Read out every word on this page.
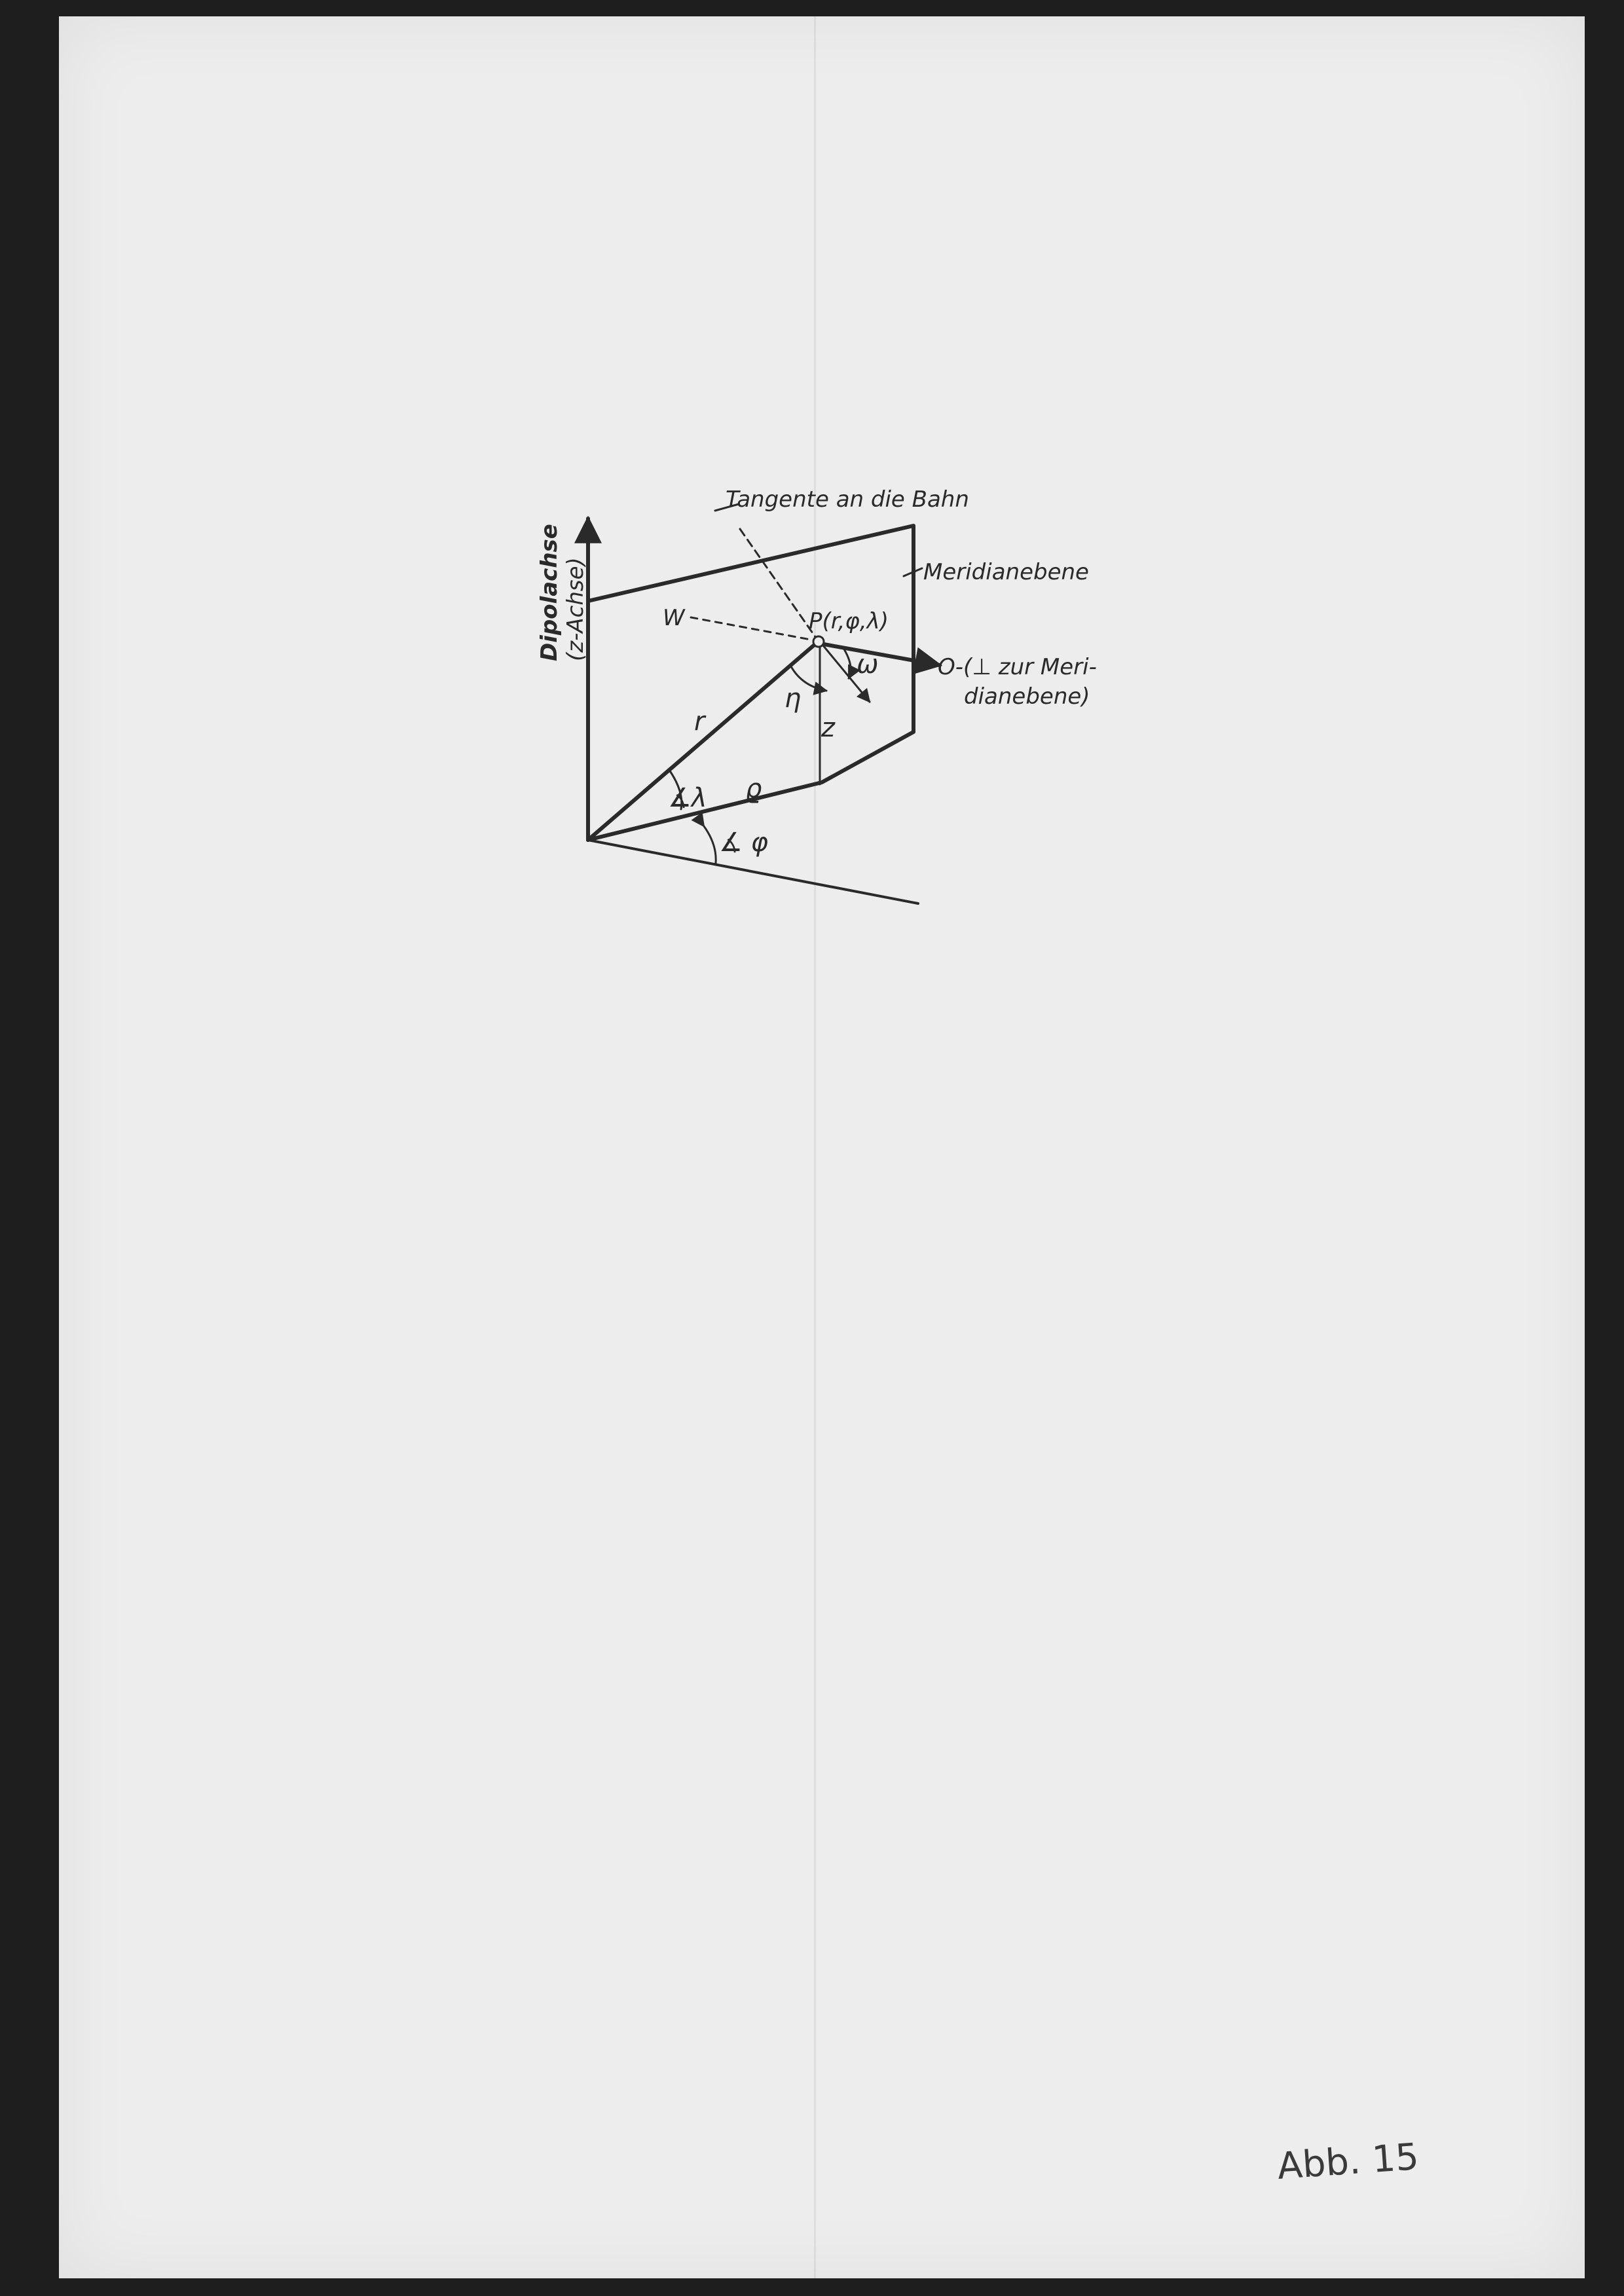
Dipolachse (z-Achse)
Tangente an die Bahn
Meridianebene
W	P(r,φ,λ)
O-(⊥ zur Meri-
dianebene)
ω
η
r	z
ϱ
∡λ
∡ φ
Abb. 15
